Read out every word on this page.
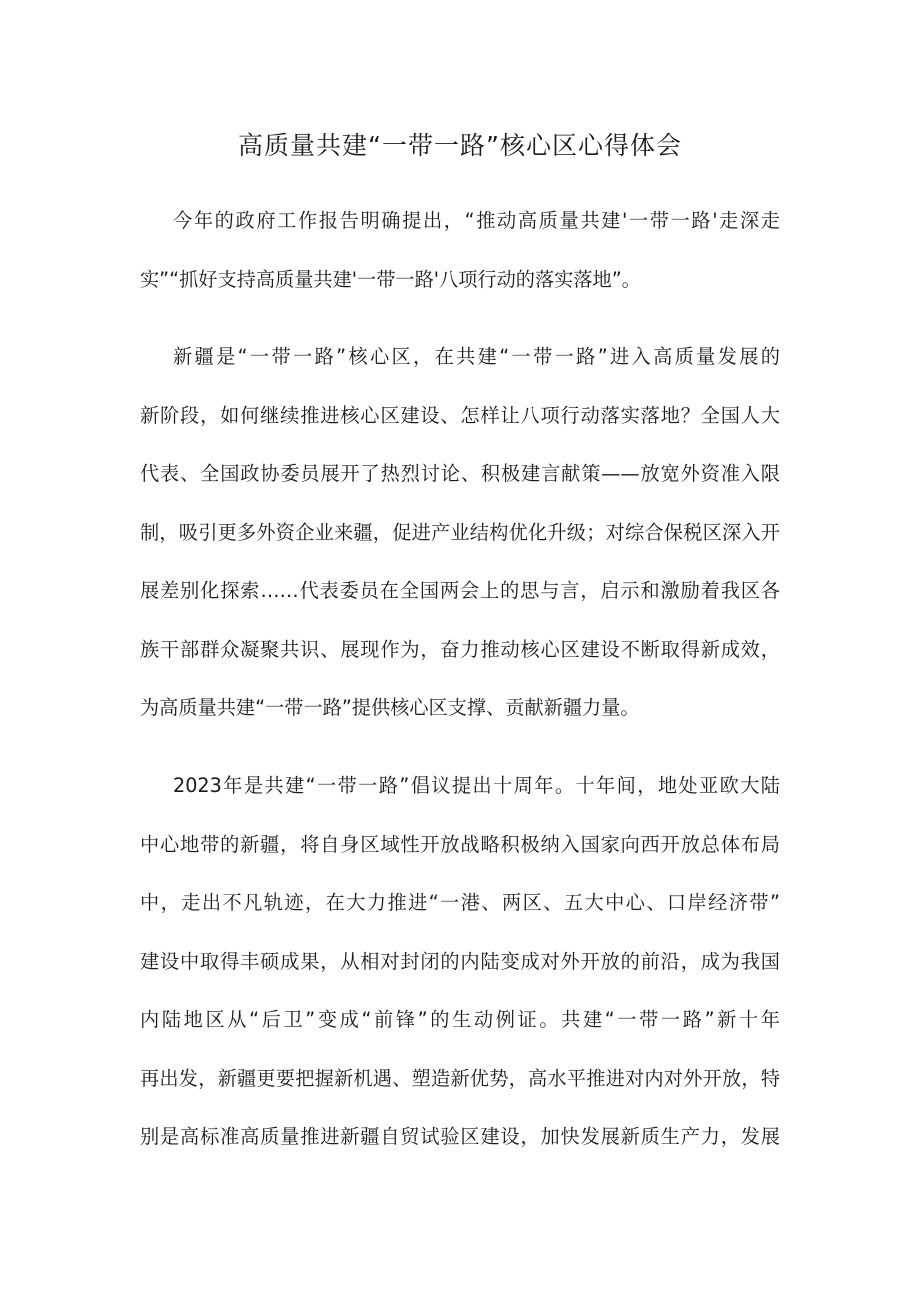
高质量共建“一带一路”核心区心得体会
今年的政府工作报告明确提出，“推动高质量共建'一带一路'走深走
实”“抓好支持高质量共建'一带一路'八项行动的落实落地”。
新疆是“一带一路”核心区，在共建“一带一路”进入高质量发展的
新阶段，如何继续推进核心区建设、怎样让八项行动落实落地？全国人大
代表、全国政协委员展开了热烈讨论、积极建言献策——放宽外资准入限
制，吸引更多外资企业来疆，促进产业结构优化升级；对综合保税区深入开
展差别化探索……代表委员在全国两会上的思与言，启示和激励着我区各
族干部群众凝聚共识、展现作为，奋力推动核心区建设不断取得新成效，
为高质量共建“一带一路”提供核心区支撑、贡献新疆力量。
2023年是共建“一带一路”倡议提出十周年。十年间，地处亚欧大陆
中心地带的新疆，将自身区域性开放战略积极纳入国家向西开放总体布局
中，走出不凡轨迹，在大力推进“一港、两区、五大中心、口岸经济带”
建设中取得丰硕成果，从相对封闭的内陆变成对外开放的前沿，成为我国
内陆地区从“后卫”变成“前锋”的生动例证。共建“一带一路”新十年
再出发，新疆更要把握新机遇、塑造新优势，高水平推进对内对外开放，特
别是高标准高质量推进新疆自贸试验区建设，加快发展新质生产力，发展
